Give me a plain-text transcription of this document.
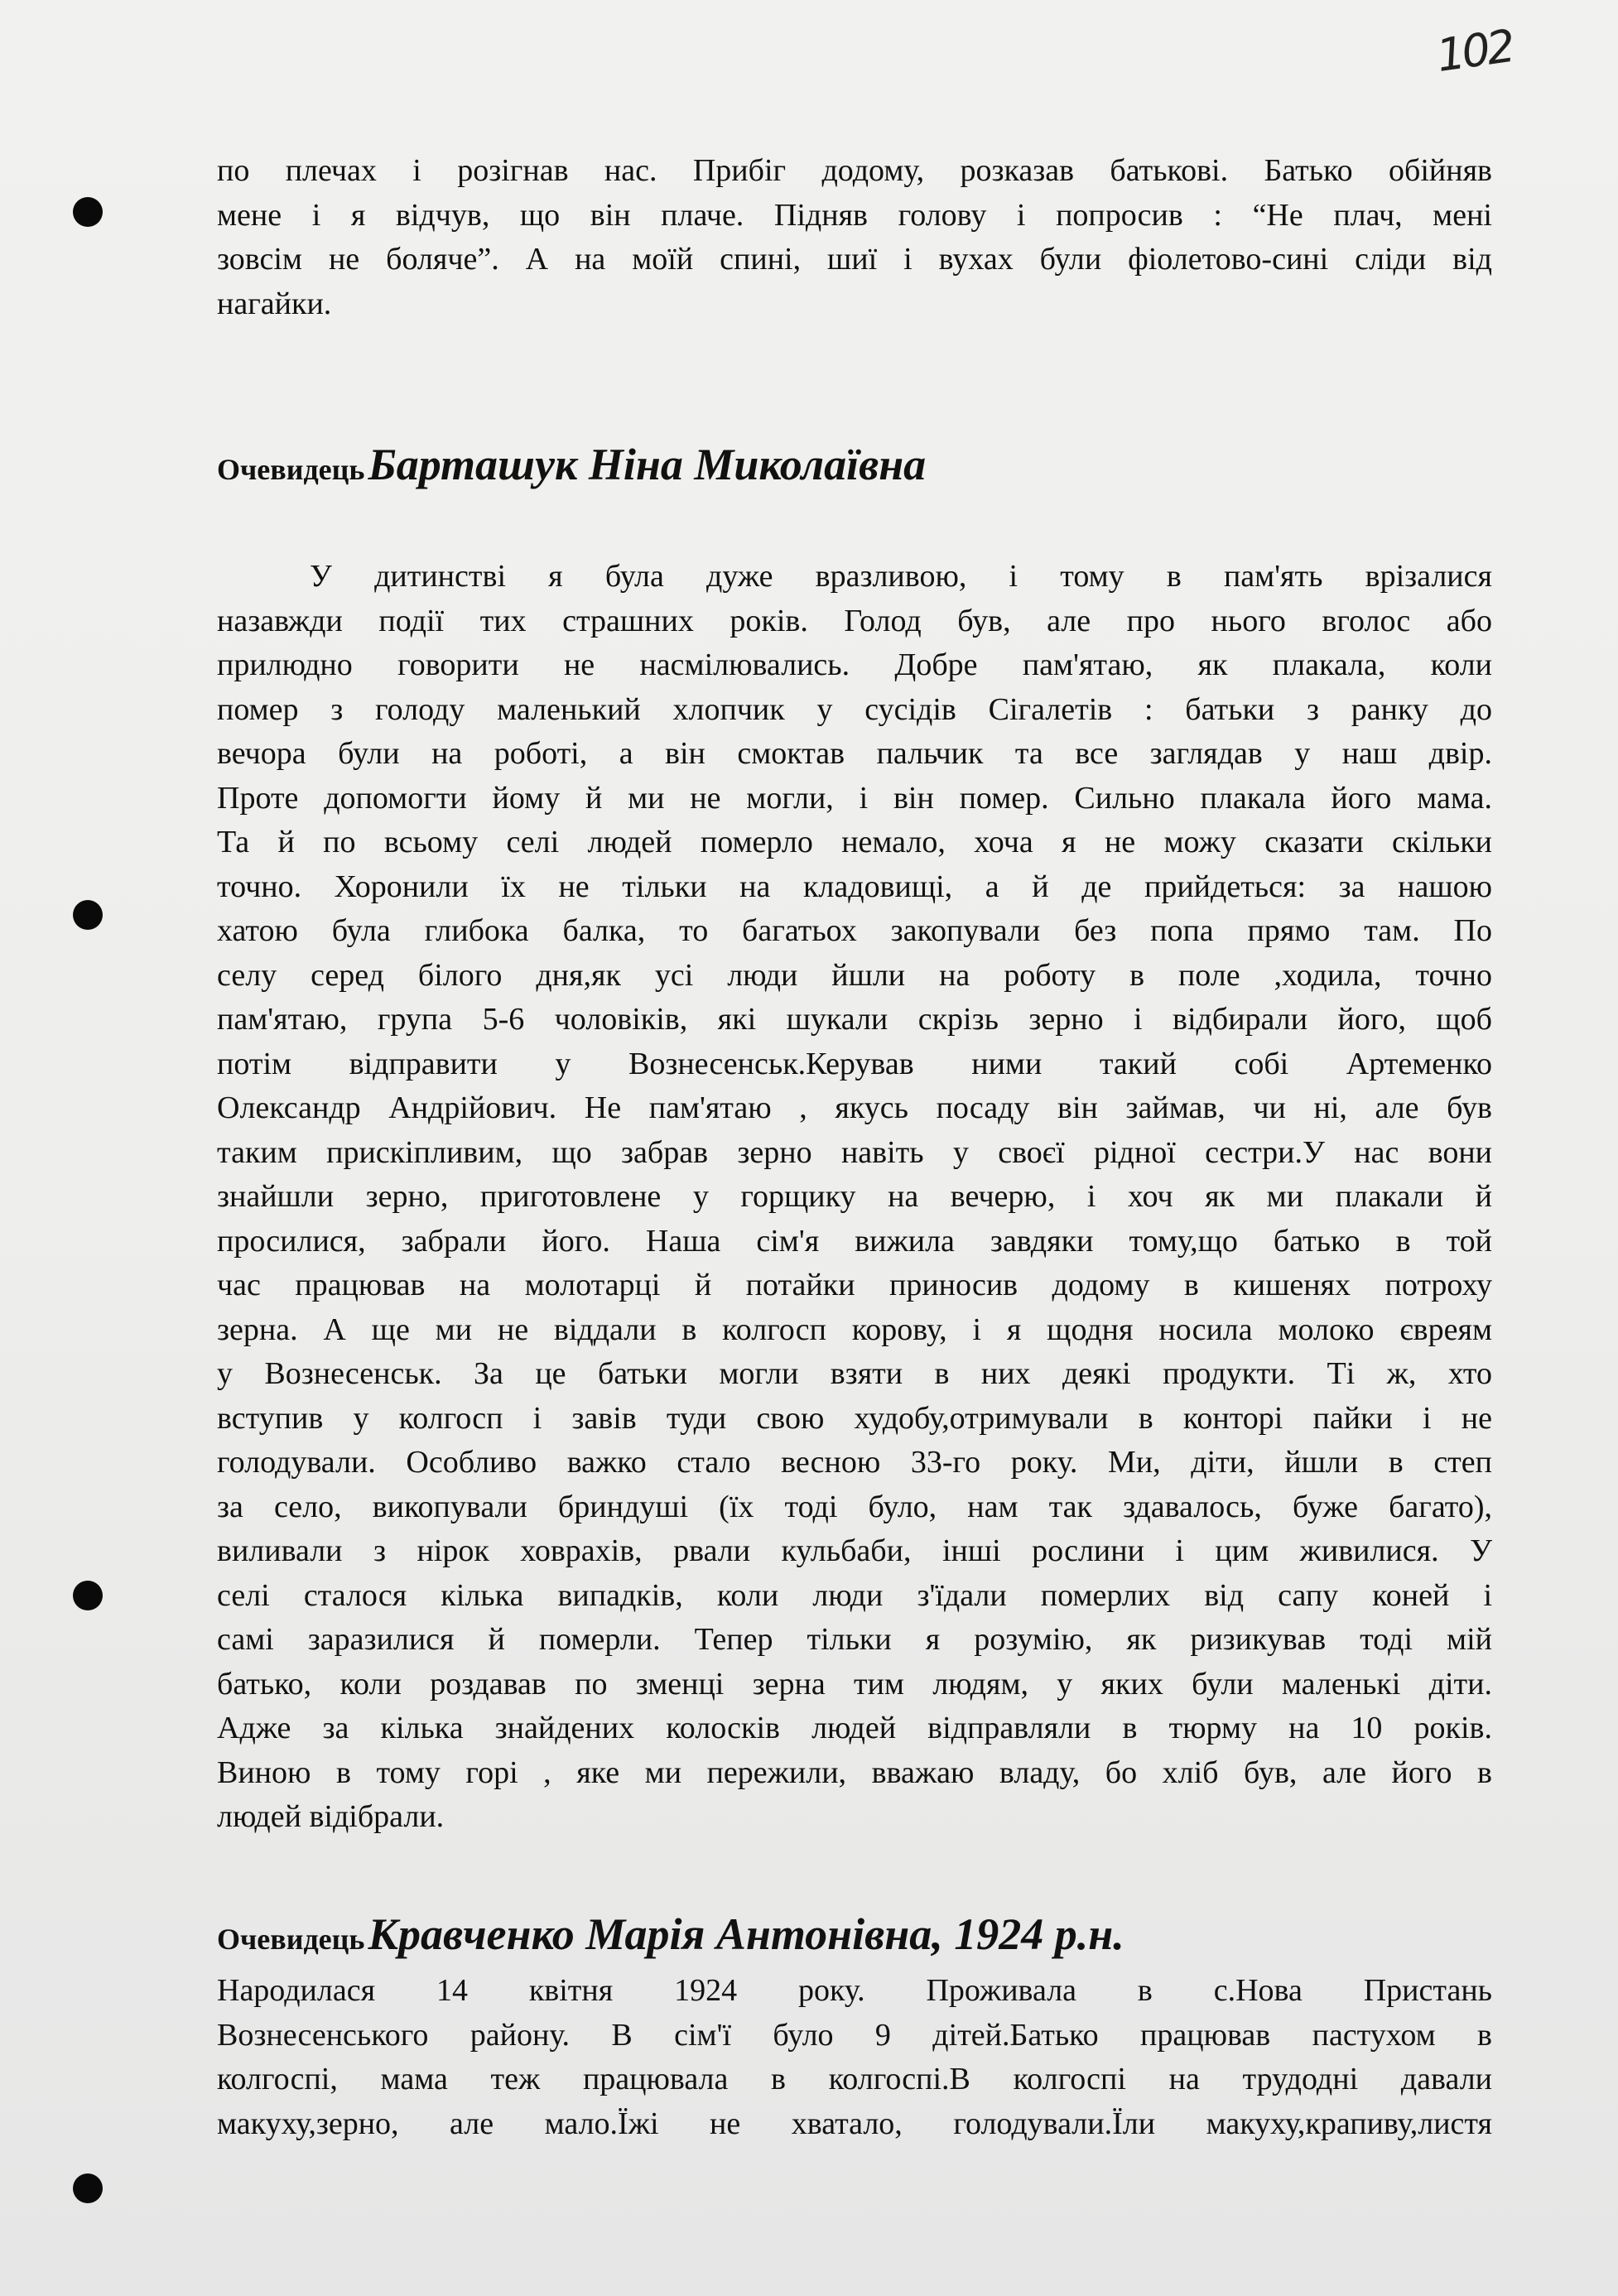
102
по плечах і розігнав нас. Прибіг додому, розказав батькові. Батько обійняв
мене і я відчув, що він плаче. Підняв голову і попросив : “Не плач, мені
зовсім не боляче”. А на моїй спині, шиї і вухах були фіолетово-сині сліди від
нагайки.
Очевидець Барташук Ніна Миколаївна
У дитинстві я була дуже вразливою, і тому в пам'ять врізалися
назавжди події тих страшних років. Голод був, але про нього вголос або
прилюдно говорити не насмілювались. Добре пам'ятаю, як плакала, коли
помер з голоду маленький хлопчик у сусідів Сігалетів : батьки з ранку до
вечора були на роботі, а він смоктав пальчик та все заглядав у наш двір.
Проте допомогти йому й ми не могли, і він помер. Сильно плакала його мама.
Та й по всьому селі людей померло немало, хоча я не можу сказати скільки
точно. Хоронили їх не тільки на кладовищі, а й де прийдеться: за нашою
хатою була глибока балка, то багатьох закопували без попа прямо там. По
селу серед білого дня,як усі люди йшли на роботу в поле ,ходила, точно
пам'ятаю, група 5-6 чоловіків, які шукали скрізь зерно і відбирали його, щоб
потім відправити у Вознесенськ.Керував ними такий собі Артеменко
Олександр Андрійович. Не пам'ятаю , якусь посаду він займав, чи ні, але був
таким прискіпливим, що забрав зерно навіть у своєї рідної сестри.У нас вони
знайшли зерно, приготовлене у горщику на вечерю, і хоч як ми плакали й
просилися, забрали його. Наша сім'я вижила завдяки тому,що батько в той
час працював на молотарці й потайки приносив додому в кишенях потроху
зерна. А ще ми не віддали в колгосп корову, і я щодня носила молоко євреям
у Вознесенськ. За це батьки могли взяти в них деякі продукти. Ті ж, хто
вступив у колгосп і завів туди свою худобу,отримували в конторі пайки і не
голодували. Особливо важко стало весною 33-го року. Ми, діти, йшли в степ
за село, викопували бриндуші (їх тоді було, нам так здавалось, буже багато),
виливали з нірок ховрахів, рвали кульбаби, інші рослини і цим живилися. У
селі сталося кілька випадків, коли люди з'їдали померлих від сапу коней і
самі заразилися й померли. Тепер тільки я розумію, як ризикував тоді мій
батько, коли роздавав по зменці зерна тим людям, у яких були маленькі діти.
Адже за кілька знайдених колосків людей відправляли в тюрму на 10 років.
Виною в тому горі , яке ми пережили, вважаю владу, бо хліб був, але його в
людей відібрали.
Очевидець Кравченко Марія Антонівна, 1924 р.н.
Народилася 14 квітня 1924 року. Проживала в с.Нова Пристань
Вознесенського району. В сім'ї було 9 дітей.Батько працював пастухом в
колгоспі, мама теж працювала в колгоспі.В колгоспі на трудодні давали
макуху,зерно, але мало.Їжі не хватало, голодували.Їли макуху,крапиву,листя
